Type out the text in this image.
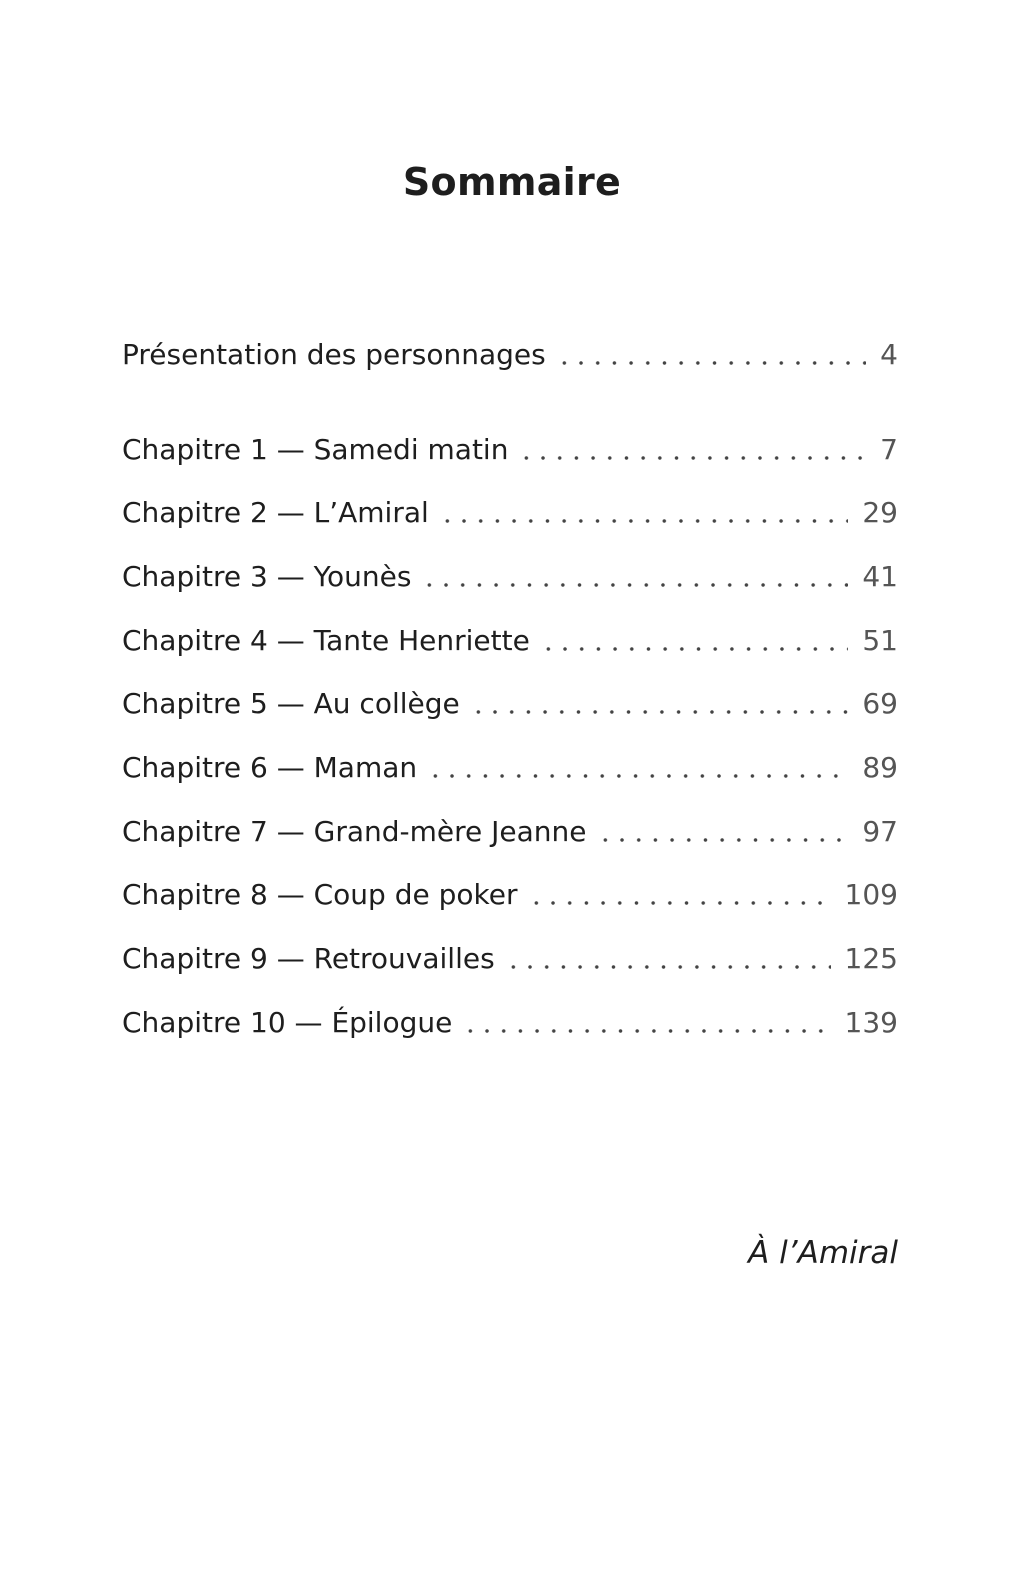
Sommaire
Présentation des personnages	4
Chapitre 1 — Samedi matin	7
Chapitre 2 — L’Amiral	29
Chapitre 3 — Younès	41
Chapitre 4 — Tante Henriette	51
Chapitre 5 — Au collège	69
Chapitre 6 — Maman	89
Chapitre 7 — Grand-mère Jeanne	97
Chapitre 8 — Coup de poker	109
Chapitre 9 — Retrouvailles	125
Chapitre 10 — Épilogue	139

À l’Amiral
